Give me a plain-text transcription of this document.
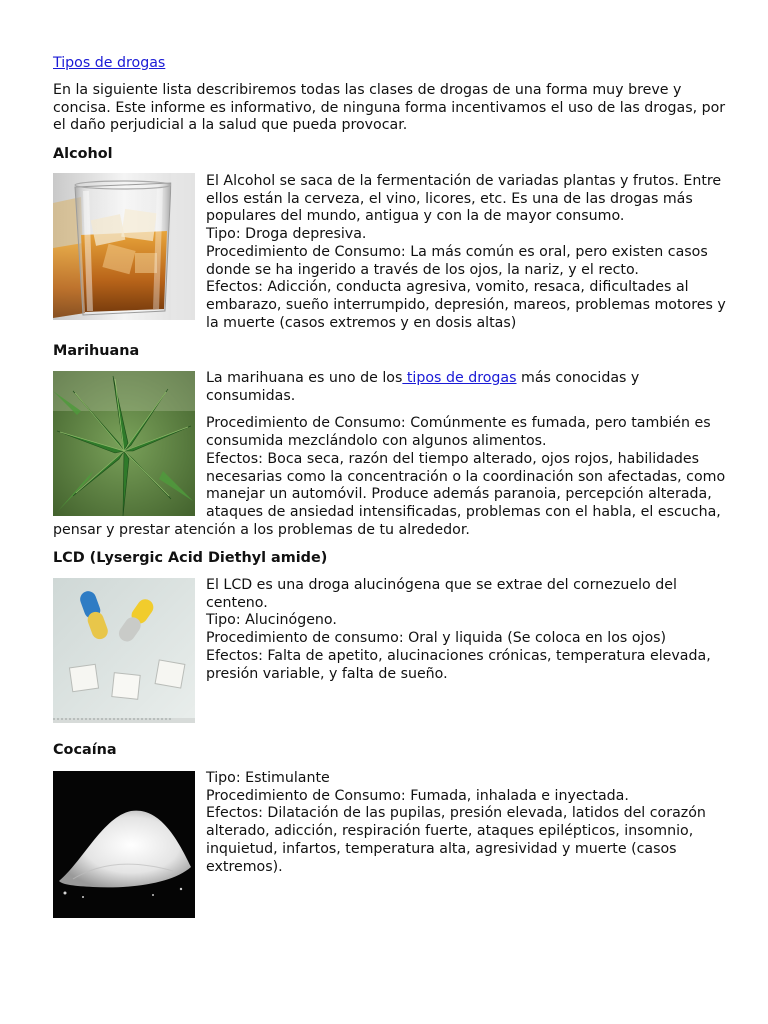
Tipos de drogas
En la siguiente lista describiremos todas las clases de drogas de una forma muy breve y
concisa. Este informe es informativo, de ninguna forma incentivamos el uso de las drogas, por
el daño perjudicial a la salud que pueda provocar.
Alcohol
El Alcohol se saca de la fermentación de variadas plantas y frutos. Entre
ellos están la cerveza, el vino, licores, etc. Es una de las drogas más
populares del mundo, antigua y con la de mayor consumo.
Tipo: Droga depresiva.
Procedimiento de Consumo: La más común es oral, pero existen casos
donde se ha ingerido a través de los ojos, la nariz, y el recto.
Efectos: Adicción, conducta agresiva, vomito, resaca, dificultades al
embarazo, sueño interrumpido, depresión, mareos, problemas motores y
la muerte (casos extremos y en dosis altas)
Marihuana
La marihuana es uno de los tipos de drogas más conocidas y
consumidas.
Procedimiento de Consumo: Comúnmente es fumada, pero también es
consumida mezclándolo con algunos alimentos.
Efectos: Boca seca, razón del tiempo alterado, ojos rojos, habilidades
necesarias como la concentración o la coordinación son afectadas, como
manejar un automóvil. Produce además paranoia, percepción alterada,
ataques de ansiedad intensificadas, problemas con el habla, el escucha,
pensar y prestar atención a los problemas de tu alrededor.
LCD (Lysergic Acid Diethyl amide)
El LCD es una droga alucinógena que se extrae del cornezuelo del
centeno.
Tipo: Alucinógeno.
Procedimiento de consumo: Oral y liquida (Se coloca en los ojos)
Efectos: Falta de apetito, alucinaciones crónicas, temperatura elevada,
presión variable, y falta de sueño.
Cocaína
Tipo: Estimulante
Procedimiento de Consumo: Fumada, inhalada e inyectada.
Efectos: Dilatación de las pupilas, presión elevada, latidos del corazón
alterado, adicción, respiración fuerte, ataques epilépticos, insomnio,
inquietud, infartos, temperatura alta, agresividad y muerte (casos
extremos).
